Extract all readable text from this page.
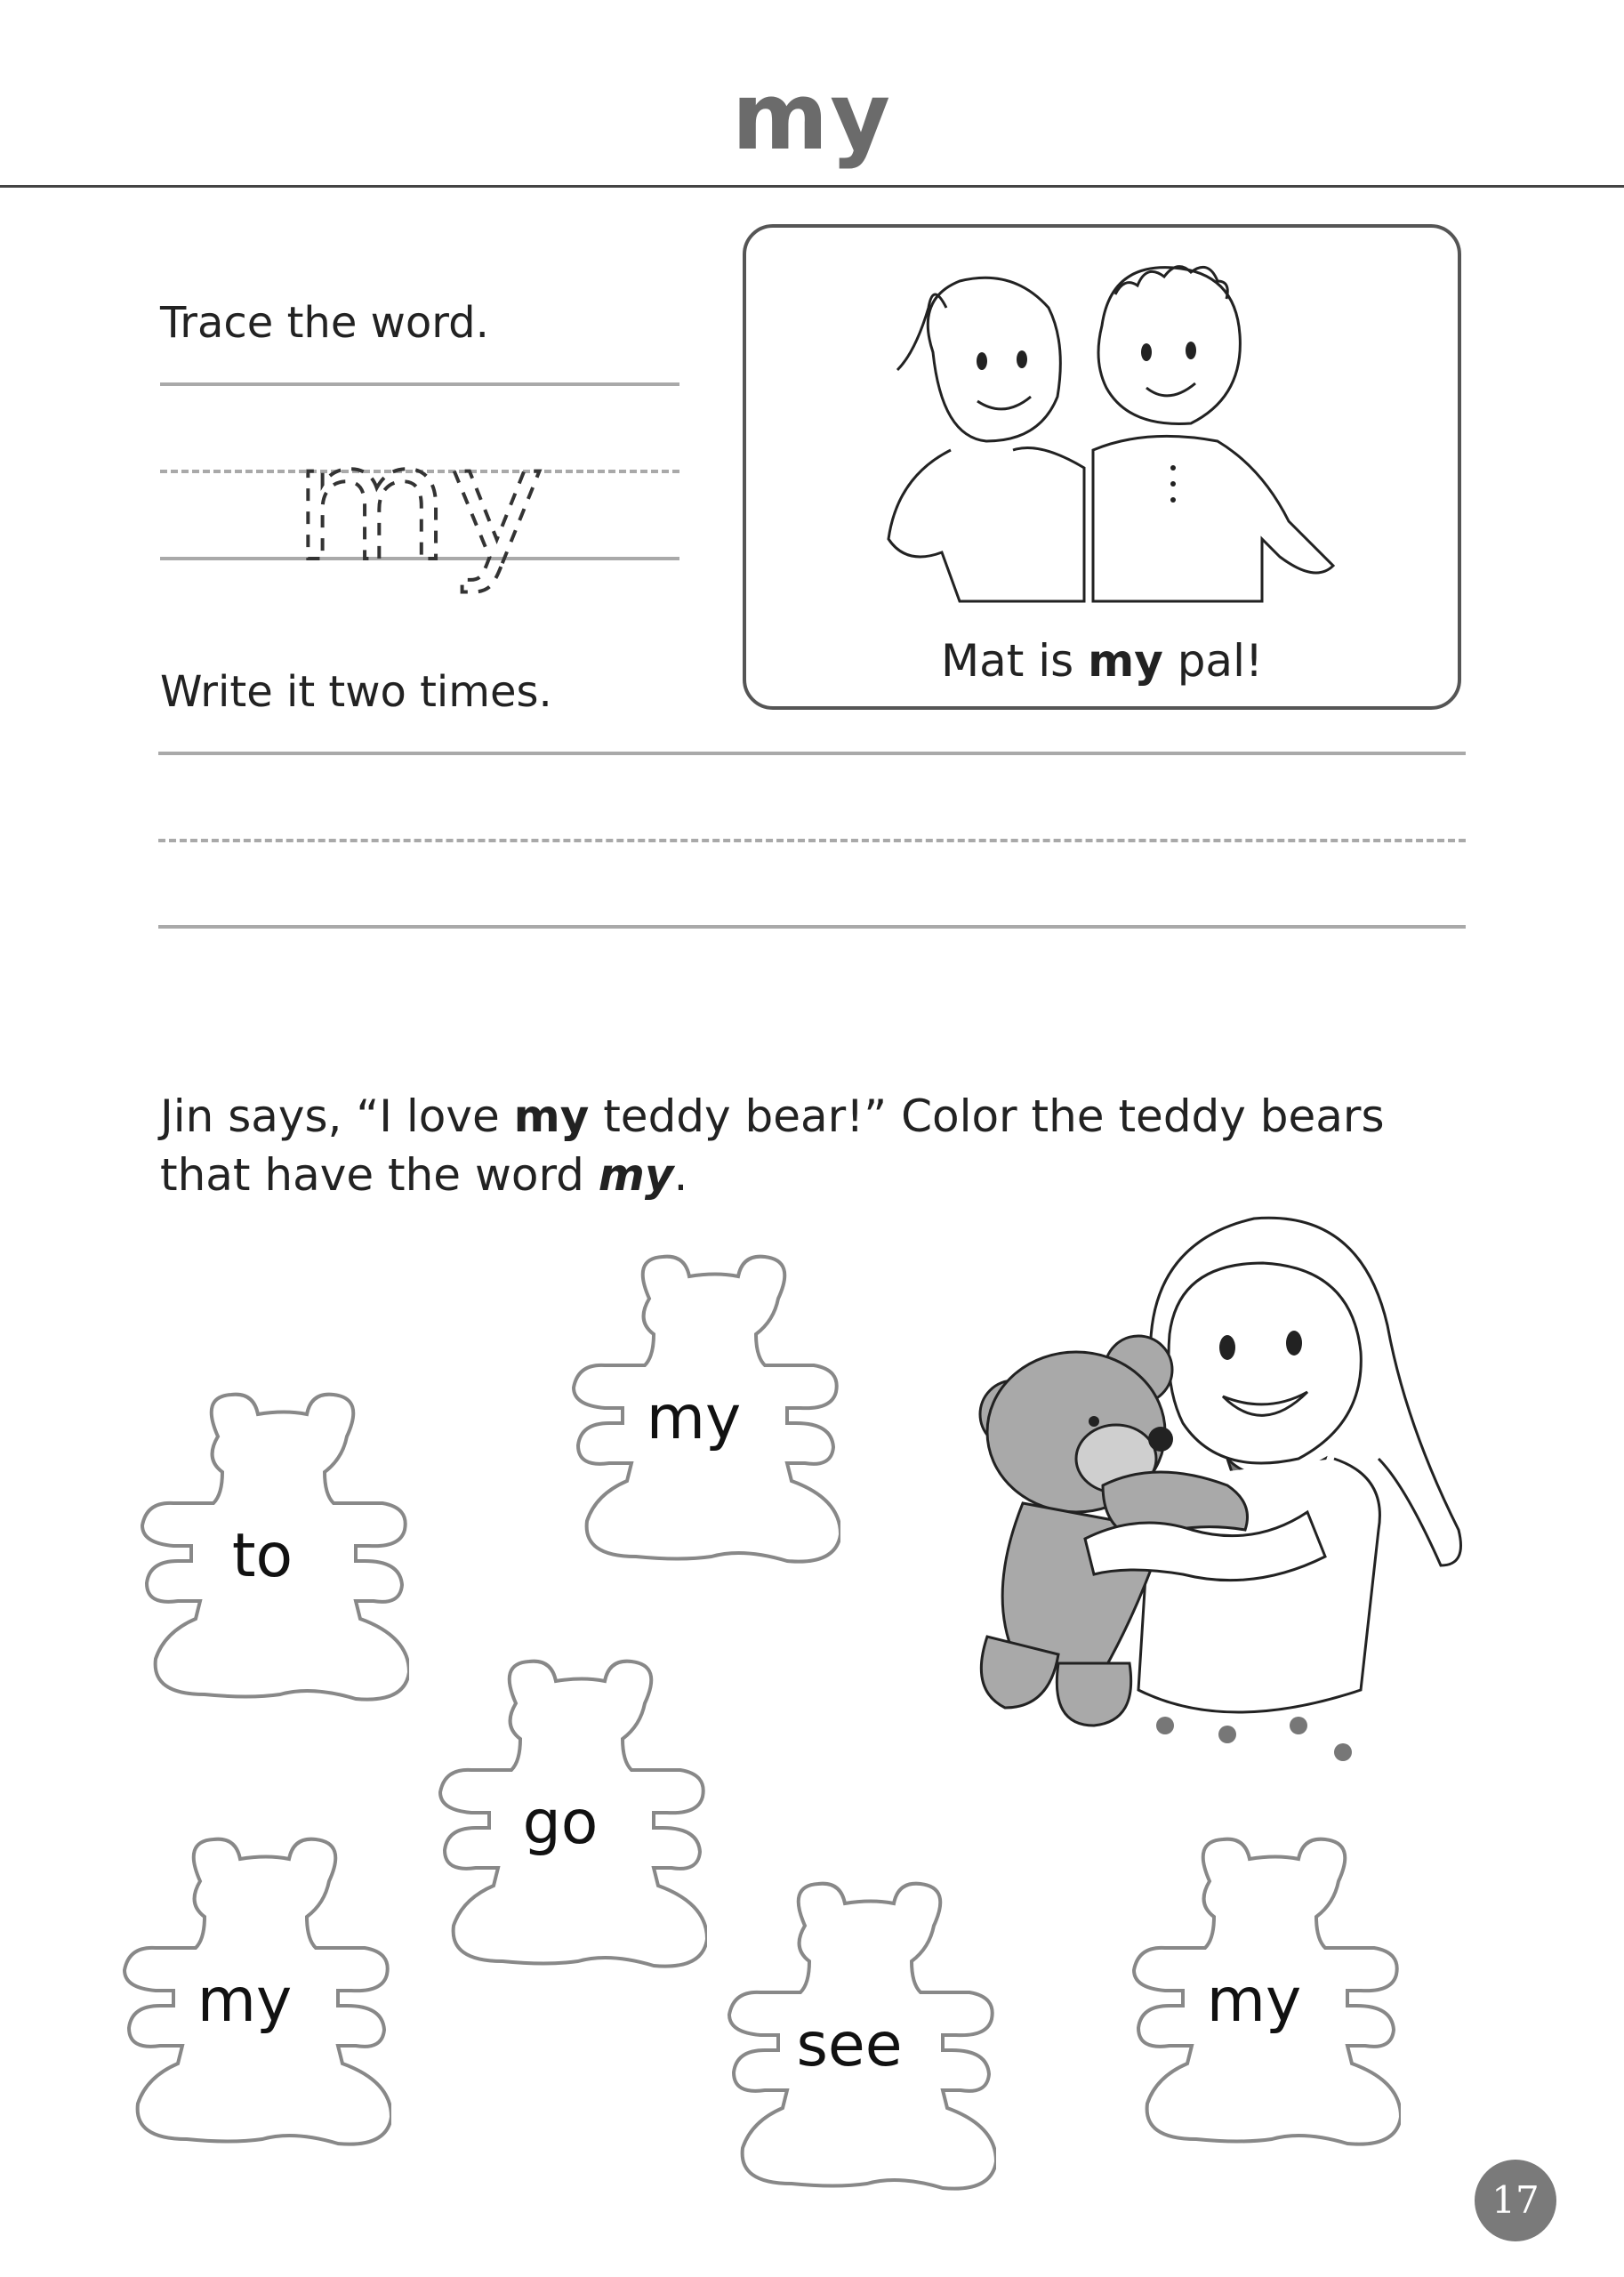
my
Trace the word.
my
Write it two times.
Mat is my pal!
Jin says, “I love my teddy bear!” Color the teddy bears that have the word my.
my
to
go
my
see
my
17
